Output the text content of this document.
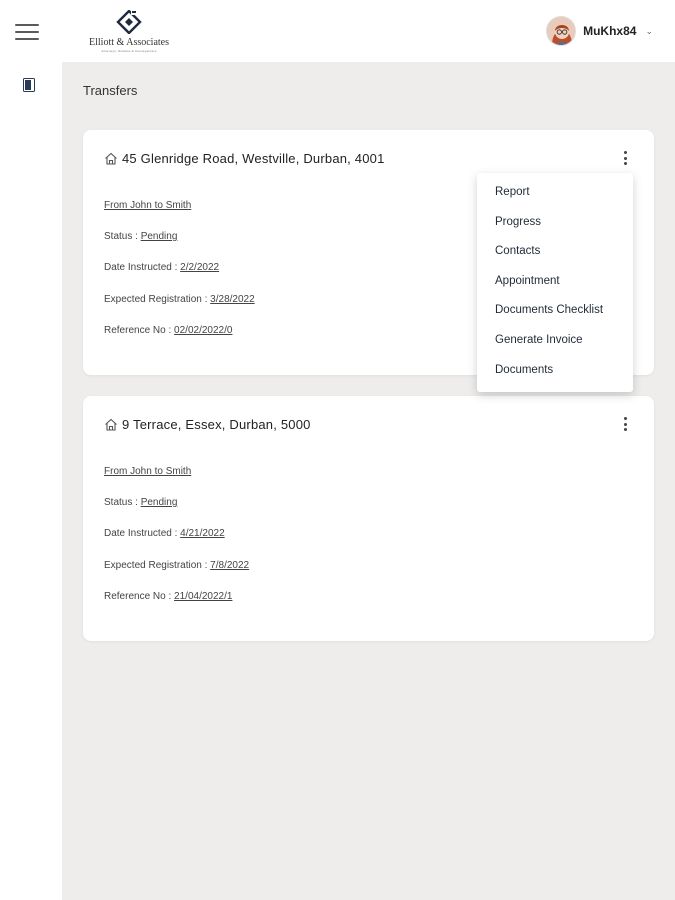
Elliott & Associates
Attorneys, Notaries & Conveyancers
MuKhx84 ⌄
Transfers
45 Glenridge Road, Westville, Durban, 4001
From John to Smith
Status : Pending
Date Instructed : 2/2/2022
Expected Registration : 3/28/2022
Reference No : 02/02/2022/0
9 Terrace, Essex, Durban, 5000
From John to Smith
Status : Pending
Date Instructed : 4/21/2022
Expected Registration : 7/8/2022
Reference No : 21/04/2022/1
Report
Progress
Contacts
Appointment
Documents Checklist
Generate Invoice
Documents
